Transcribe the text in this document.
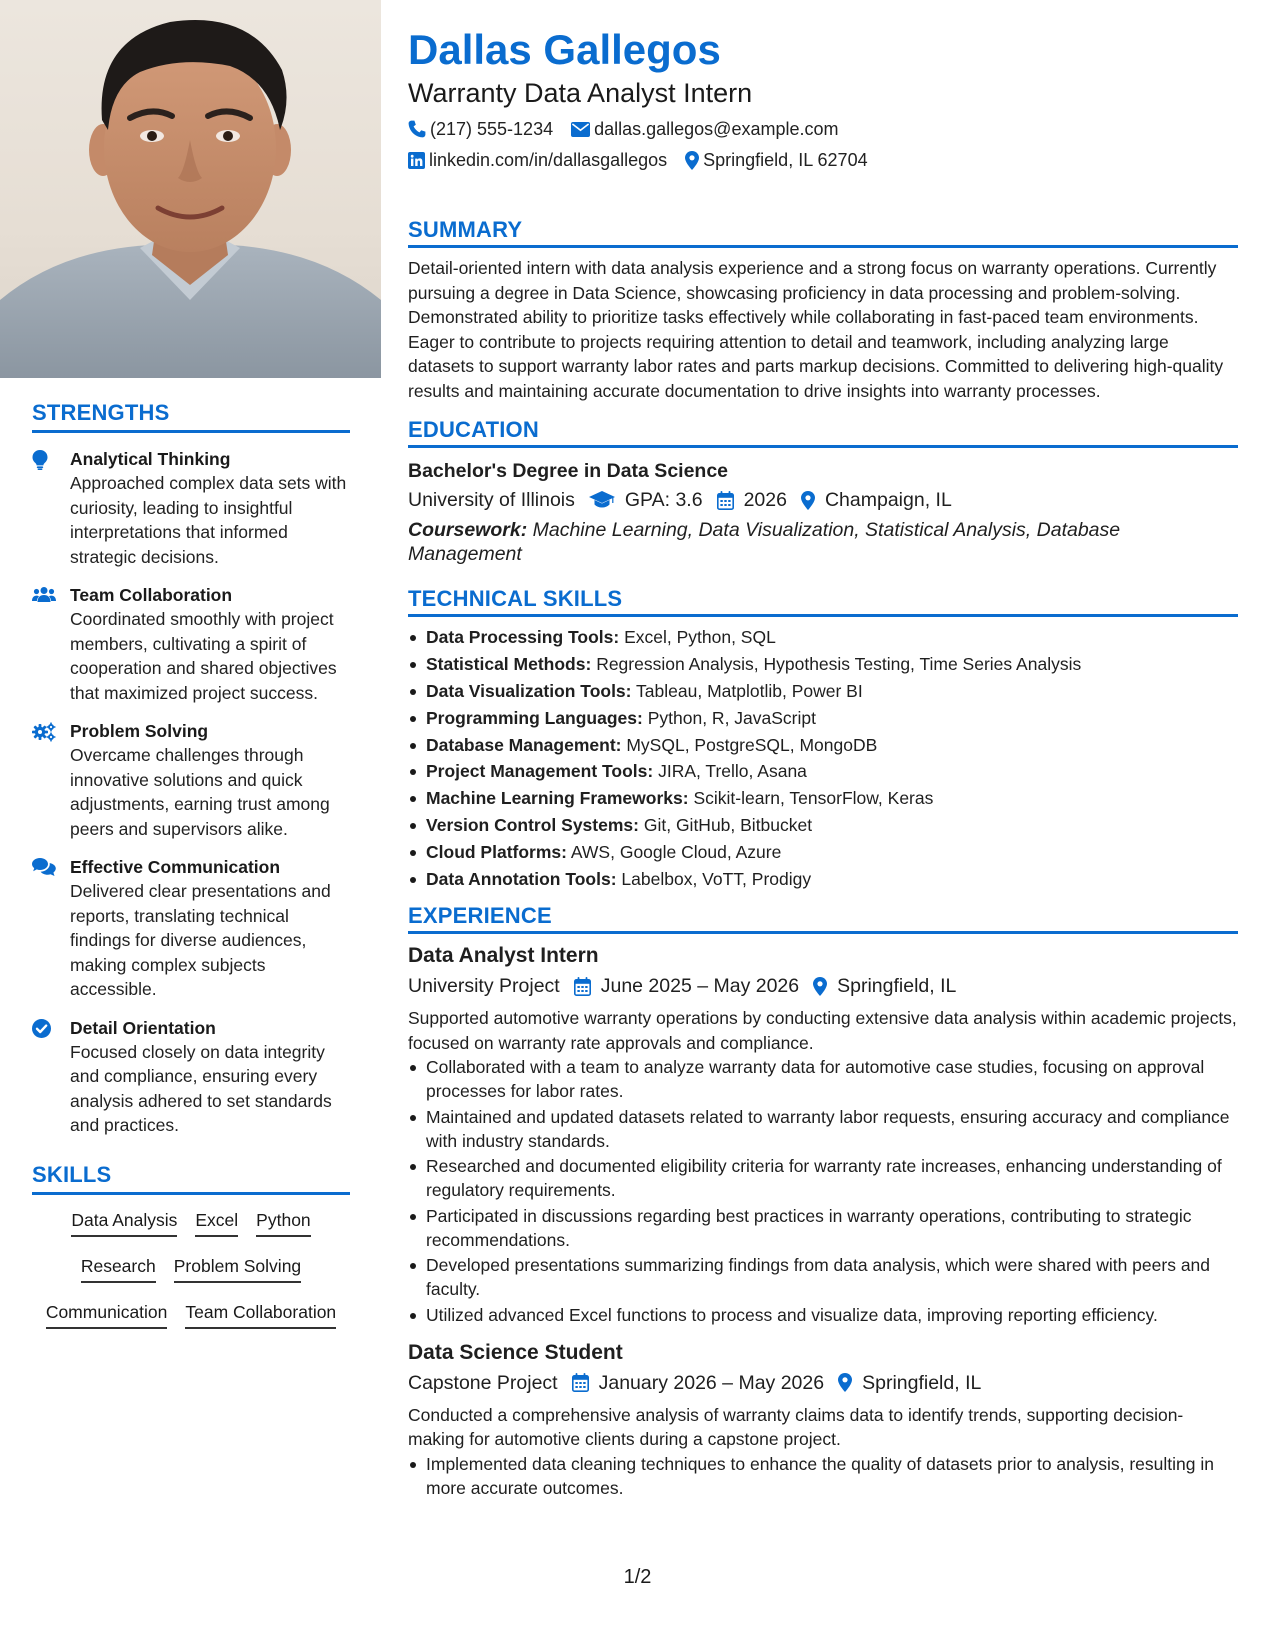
STRENGTHS
Analytical Thinking
Approached complex data sets with curiosity, leading to insightful interpretations that informed strategic decisions.
Team Collaboration
Coordinated smoothly with project members, cultivating a spirit of cooperation and shared objectives that maximized project success.
Problem Solving
Overcame challenges through innovative solutions and quick adjustments, earning trust among peers and supervisors alike.
Effective Communication
Delivered clear presentations and reports, translating technical findings for diverse audiences, making complex subjects accessible.
Detail Orientation
Focused closely on data integrity and compliance, ensuring every analysis adhered to set standards and practices.
SKILLS
Data Analysis Excel Python
Research Problem Solving
Communication Team Collaboration
Dallas Gallegos
Warranty Data Analyst Intern
(217) 555-1234 dallas.gallegos@example.com
linkedin.com/in/dallasgallegos Springfield, IL 62704
SUMMARY
Detail-oriented intern with data analysis experience and a strong focus on warranty operations. Currently pursuing a degree in Data Science, showcasing proficiency in data processing and problem-solving. Demonstrated ability to prioritize tasks effectively while collaborating in fast-paced team environments. Eager to contribute to projects requiring attention to detail and teamwork, including analyzing large datasets to support warranty labor rates and parts markup decisions. Committed to delivering high-quality results and maintaining accurate documentation to drive insights into warranty processes.
EDUCATION
Bachelor's Degree in Data Science
University of Illinois	GPA: 3.6 2026 Champaign, IL
Coursework: Machine Learning, Data Visualization, Statistical Analysis, Database Management
TECHNICAL SKILLS
Data Processing Tools: Excel, Python, SQL
Statistical Methods: Regression Analysis, Hypothesis Testing, Time Series Analysis
Data Visualization Tools: Tableau, Matplotlib, Power BI
Programming Languages: Python, R, JavaScript
Database Management: MySQL, PostgreSQL, MongoDB
Project Management Tools: JIRA, Trello, Asana
Machine Learning Frameworks: Scikit-learn, TensorFlow, Keras
Version Control Systems: Git, GitHub, Bitbucket
Cloud Platforms: AWS, Google Cloud, Azure
Data Annotation Tools: Labelbox, VoTT, Prodigy
EXPERIENCE
Data Analyst Intern
University Project June 2025 – May 2026 Springfield, IL
Supported automotive warranty operations by conducting extensive data analysis within academic projects, focused on warranty rate approvals and compliance.
Collaborated with a team to analyze warranty data for automotive case studies, focusing on approval processes for labor rates.
Maintained and updated datasets related to warranty labor requests, ensuring accuracy and compliance with industry standards.
Researched and documented eligibility criteria for warranty rate increases, enhancing understanding of regulatory requirements.
Participated in discussions regarding best practices in warranty operations, contributing to strategic recommendations.
Developed presentations summarizing findings from data analysis, which were shared with peers and faculty.
Utilized advanced Excel functions to process and visualize data, improving reporting efficiency.
Data Science Student
Capstone Project January 2026 – May 2026 Springfield, IL
Conducted a comprehensive analysis of warranty claims data to identify trends, supporting decision-making for automotive clients during a capstone project.
Implemented data cleaning techniques to enhance the quality of datasets prior to analysis, resulting in more accurate outcomes.
1/2
